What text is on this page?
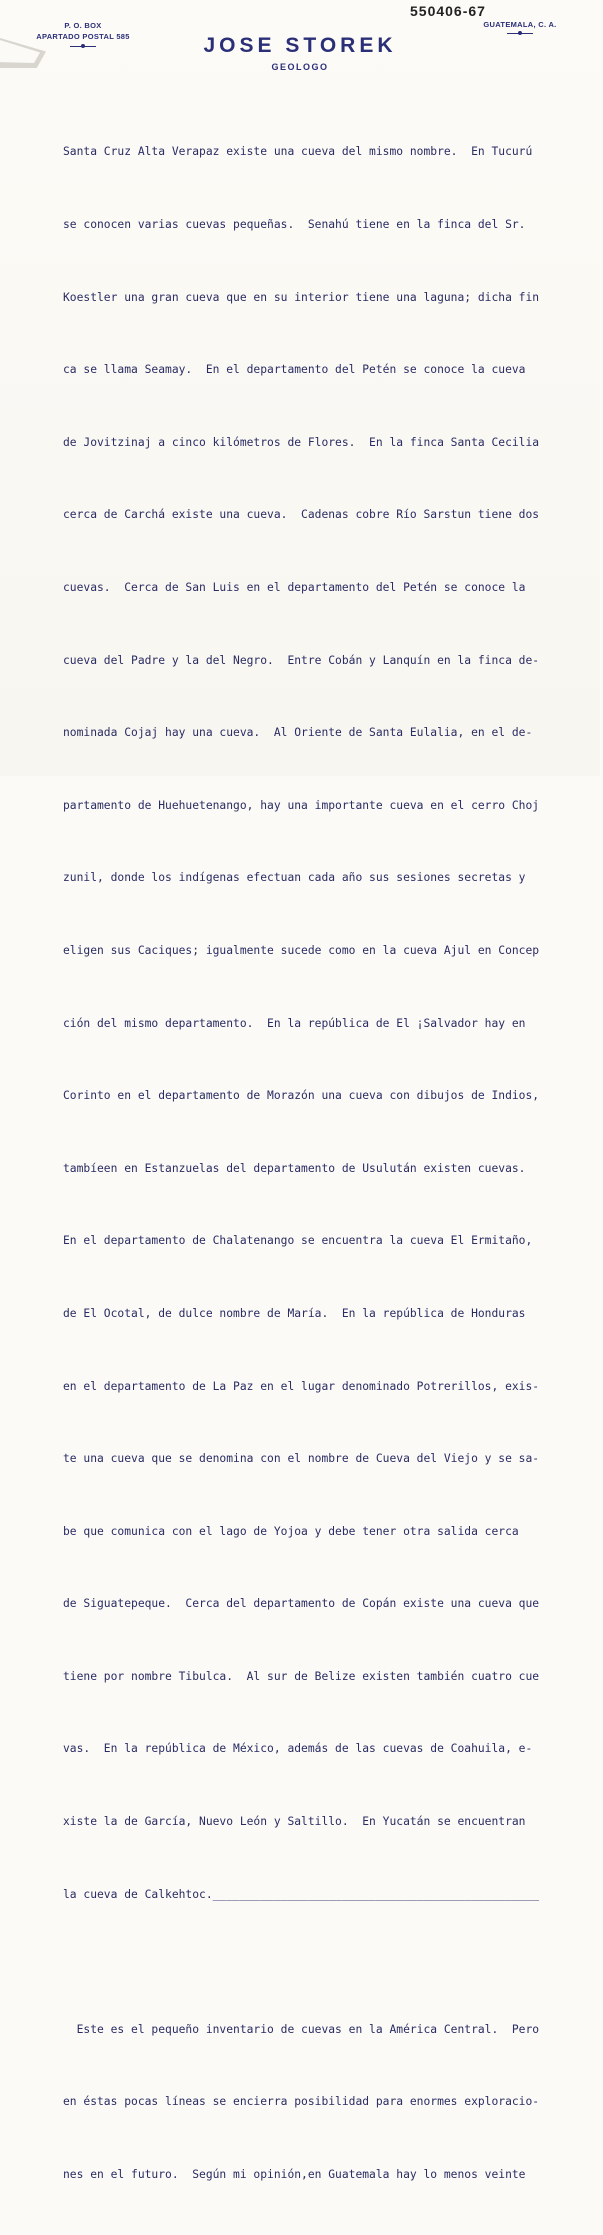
550406-67
P. O. BOX
APARTADO POSTAL 585
GUATEMALA, C. A.
JOSE STOREK
GEOLOGO

Santa Cruz Alta Verapaz existe una cueva del mismo nombre.  En Tucurú

se conocen varias cuevas pequeñas.  Senahú tiene en la finca del Sr.

Koestler una gran cueva que en su interior tiene una laguna; dicha fin

ca se llama Seamay.  En el departamento del Petén se conoce la cueva

de Jovitzinaj a cinco kilómetros de Flores.  En la finca Santa Cecilia

cerca de Carchá existe una cueva.  Cadenas cobre Río Sarstun tiene dos

cuevas.  Cerca de San Luis en el departamento del Petén se conoce la

cueva del Padre y la del Negro.  Entre Cobán y Lanquín en la finca de-

nominada Cojaj hay una cueva.  Al Oriente de Santa Eulalia, en el de-

partamento de Huehuetenango, hay una importante cueva en el cerro Choj

zunil, donde los indígenas efectuan cada año sus sesiones secretas y

eligen sus Caciques; igualmente sucede como en la cueva Ajul en Concep

ción del mismo departamento.  En la república de El ¡Salvador hay en

Corinto en el departamento de Morazón una cueva con dibujos de Indios,

tambíeen en Estanzuelas del departamento de Usulután existen cuevas.

En el departamento de Chalatenango se encuentra la cueva El Ermitaño,

de El Ocotal, de dulce nombre de María.  En la república de Honduras

en el departamento de La Paz en el lugar denominado Potrerillos, exis-

te una cueva que se denomina con el nombre de Cueva del Viejo y se sa-

be que comunica con el lago de Yojoa y debe tener otra salida cerca

de Siguatepeque.  Cerca del departamento de Copán existe una cueva que

tiene por nombre Tibulca.  Al sur de Belize existen también cuatro cue

vas.  En la república de México, además de las cuevas de Coahuila, e-

xiste la de García, Nuevo León y Saltillo.  En Yucatán se encuentran

la cueva de Calkehtoc.________________________________________________

Este es el pequeño inventario de cuevas en la América Central.  Pero

en éstas pocas líneas se encierra posibilidad para enormes exploracio-

nes en el futuro.  Según mi opinión,en Guatemala hay lo menos veinte
